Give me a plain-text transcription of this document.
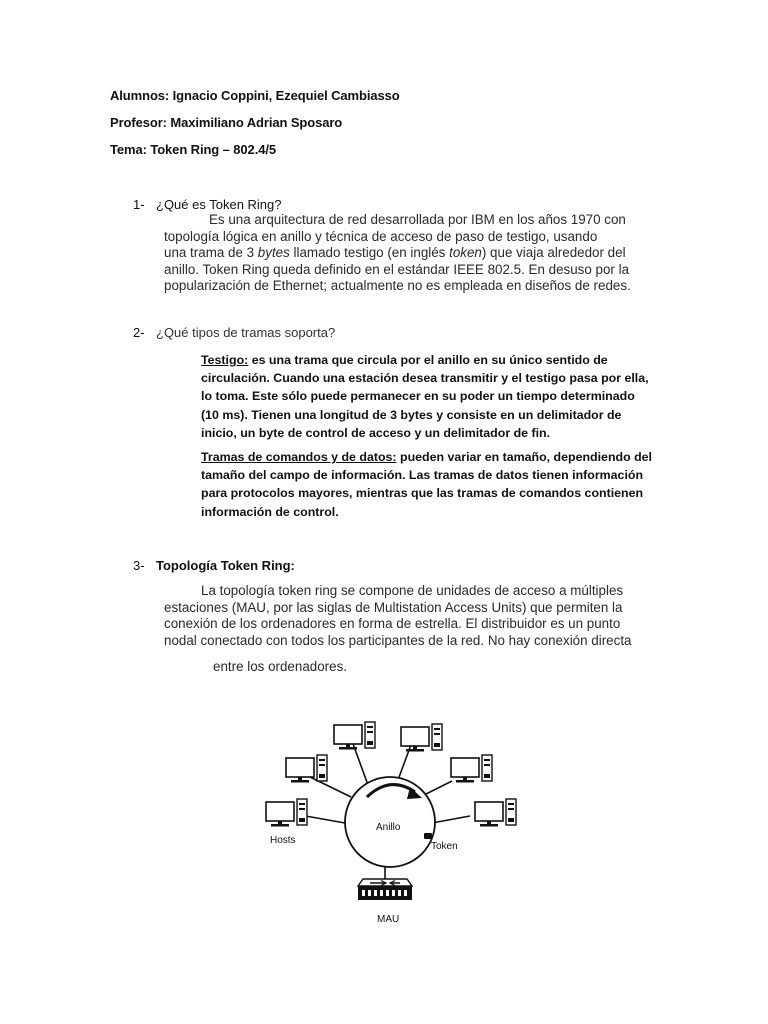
Alumnos: Ignacio Coppini, Ezequiel Cambiasso
Profesor: Maximiliano Adrian Sposaro
Tema: Token Ring – 802.4/5
1- ¿Qué es Token Ring?
Es una arquitectura de red desarrollada por IBM en los años 1970 con
topología lógica en anillo y técnica de acceso de paso de testigo, usando
una trama de 3 bytes llamado testigo (en inglés token) que viaja alrededor del
anillo. Token Ring queda definido en el estándar IEEE 802.5. En desuso por la
popularización de Ethernet; actualmente no es empleada en diseños de redes.
2- ¿Qué tipos de tramas soporta?
Testigo: es una trama que circula por el anillo en su único sentido de circulación. Cuando una estación desea transmitir y el testigo pasa por ella, lo toma. Este sólo puede permanecer en su poder un tiempo determinado (10 ms). Tienen una longitud de 3 bytes y consiste en un delimitador de inicio, un byte de control de acceso y un delimitador de fin.
Tramas de comandos y de datos: pueden variar en tamaño, dependiendo del tamaño del campo de información. Las tramas de datos tienen información para protocolos mayores, mientras que las tramas de comandos contienen información de control.
3- Topología Token Ring:
La topología token ring se compone de unidades de acceso a múltiples
estaciones (MAU, por las siglas de Multistation Access Units) que permiten la
conexión de los ordenadores en forma de estrella. El distribuidor es un punto
nodal conectado con todos los participantes de la red. No hay conexión directa
entre los ordenadores.
Anillo
Token
Hosts
MAU
